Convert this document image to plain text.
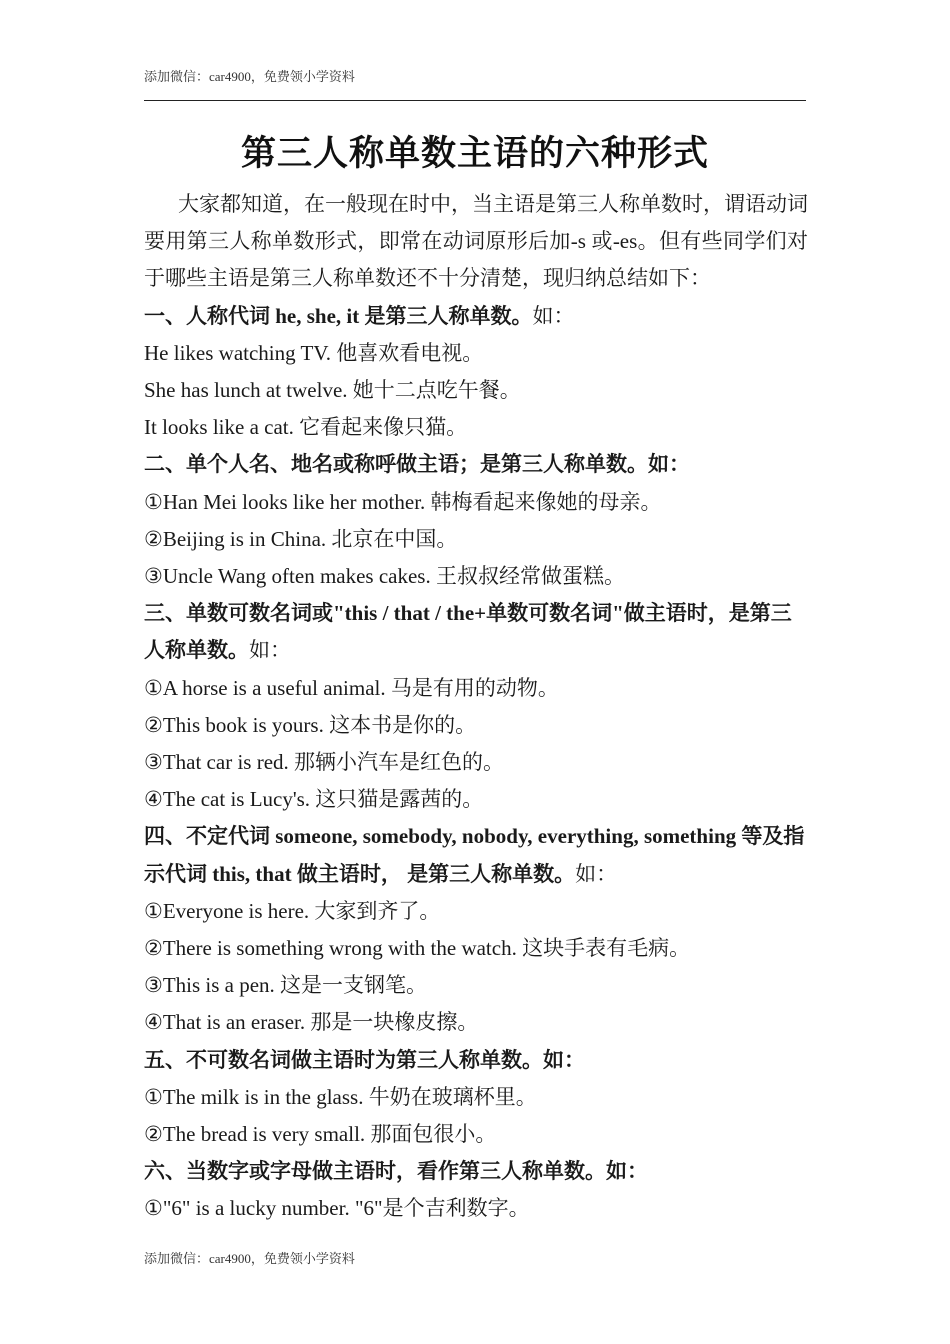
添加微信：car4900，免费领小学资料
第三人称单数主语的六种形式

大家都知道，在一般现在时中，当主语是第三人称单数时，谓语动词要用第三人称单数形式，即常在动词原形后加-s 或-es。但有些同学们对于哪些主语是第三人称单数还不十分清楚，现归纳总结如下：

一、人称代词 he, she, it 是第三人称单数。如：

He likes watching TV. 他喜欢看电视。

She has lunch at twelve. 她十二点吃午餐。

It looks like a cat. 它看起来像只猫。

二、单个人名、地名或称呼做主语；是第三人称单数。如：

①Han Mei looks like her mother. 韩梅看起来像她的母亲。

②Beijing is in China. 北京在中国。

③Uncle Wang often makes cakes. 王叔叔经常做蛋糕。

三、单数可数名词或"this / that / the+单数可数名词"做主语时，是第三人称单数。如：

①A horse is a useful animal. 马是有用的动物。

②This book is yours. 这本书是你的。

③That car is red. 那辆小汽车是红色的。

④The cat is Lucy's. 这只猫是露茜的。

四、不定代词 someone, somebody, nobody, everything, something 等及指示代词 this, that 做主语时， 是第三人称单数。如：

①Everyone is here. 大家到齐了。

②There is something wrong with the watch. 这块手表有毛病。

③This is a pen. 这是一支钢笔。

④That is an eraser. 那是一块橡皮擦。

五、不可数名词做主语时为第三人称单数。如：

①The milk is in the glass. 牛奶在玻璃杯里。

②The bread is very small. 那面包很小。

六、当数字或字母做主语时，看作第三人称单数。如：

①"6" is a lucky number. "6"是个吉利数字。

添加微信：car4900，免费领小学资料
